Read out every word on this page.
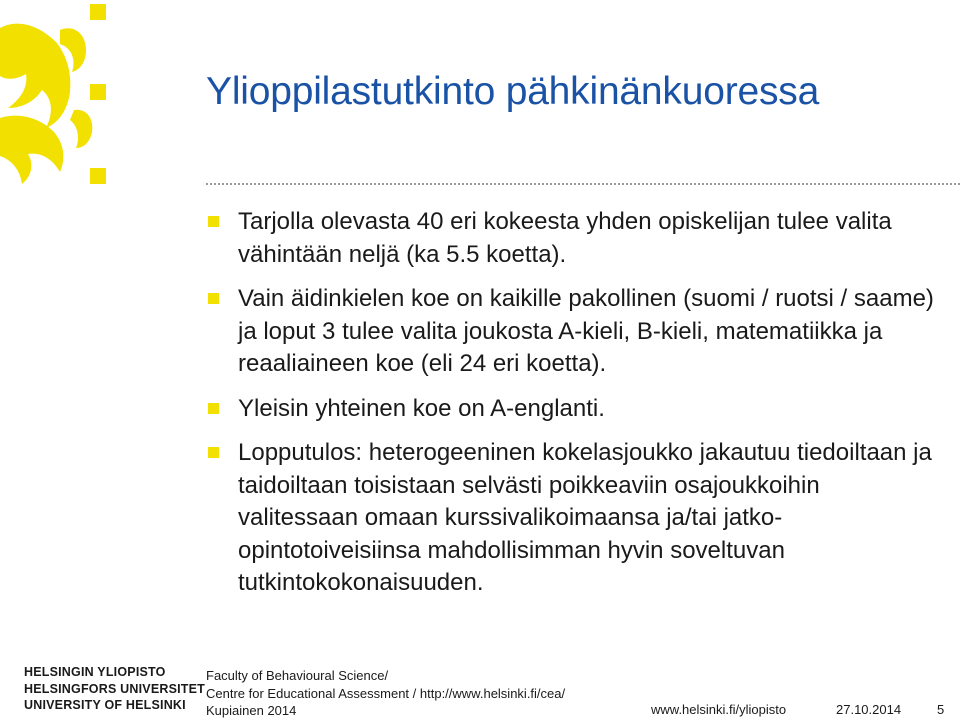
Ylioppilastutkinto pähkinänkuoressa
Tarjolla olevasta 40 eri kokeesta yhden opiskelijan tulee valita vähintään neljä (ka 5.5 koetta).
Vain äidinkielen koe on kaikille pakollinen (suomi / ruotsi / saame) ja loput 3 tulee valita joukosta A-kieli, B-kieli, matematiikka ja reaaliaineen koe (eli 24 eri koetta).
Yleisin yhteinen koe on A-englanti.
Lopputulos: heterogeeninen kokelasjoukko jakautuu tiedoiltaan ja taidoiltaan toisistaan selvästi poikkeaviin osajoukkoihin valitessaan omaan kurssivalikoimaansa ja/tai jatko-opintotoiveisiinsa mahdollisimman hyvin soveltuvan tutkintokokonaisuuden.
HELSINGIN YLIOPISTO
HELSINGFORS UNIVERSITET
UNIVERSITY OF HELSINKI
Faculty of Behavioural Science/
Centre for Educational Assessment / http://www.helsinki.fi/cea/
Kupiainen 2014	www.helsinki.fi/yliopisto	27.10.2014	5
